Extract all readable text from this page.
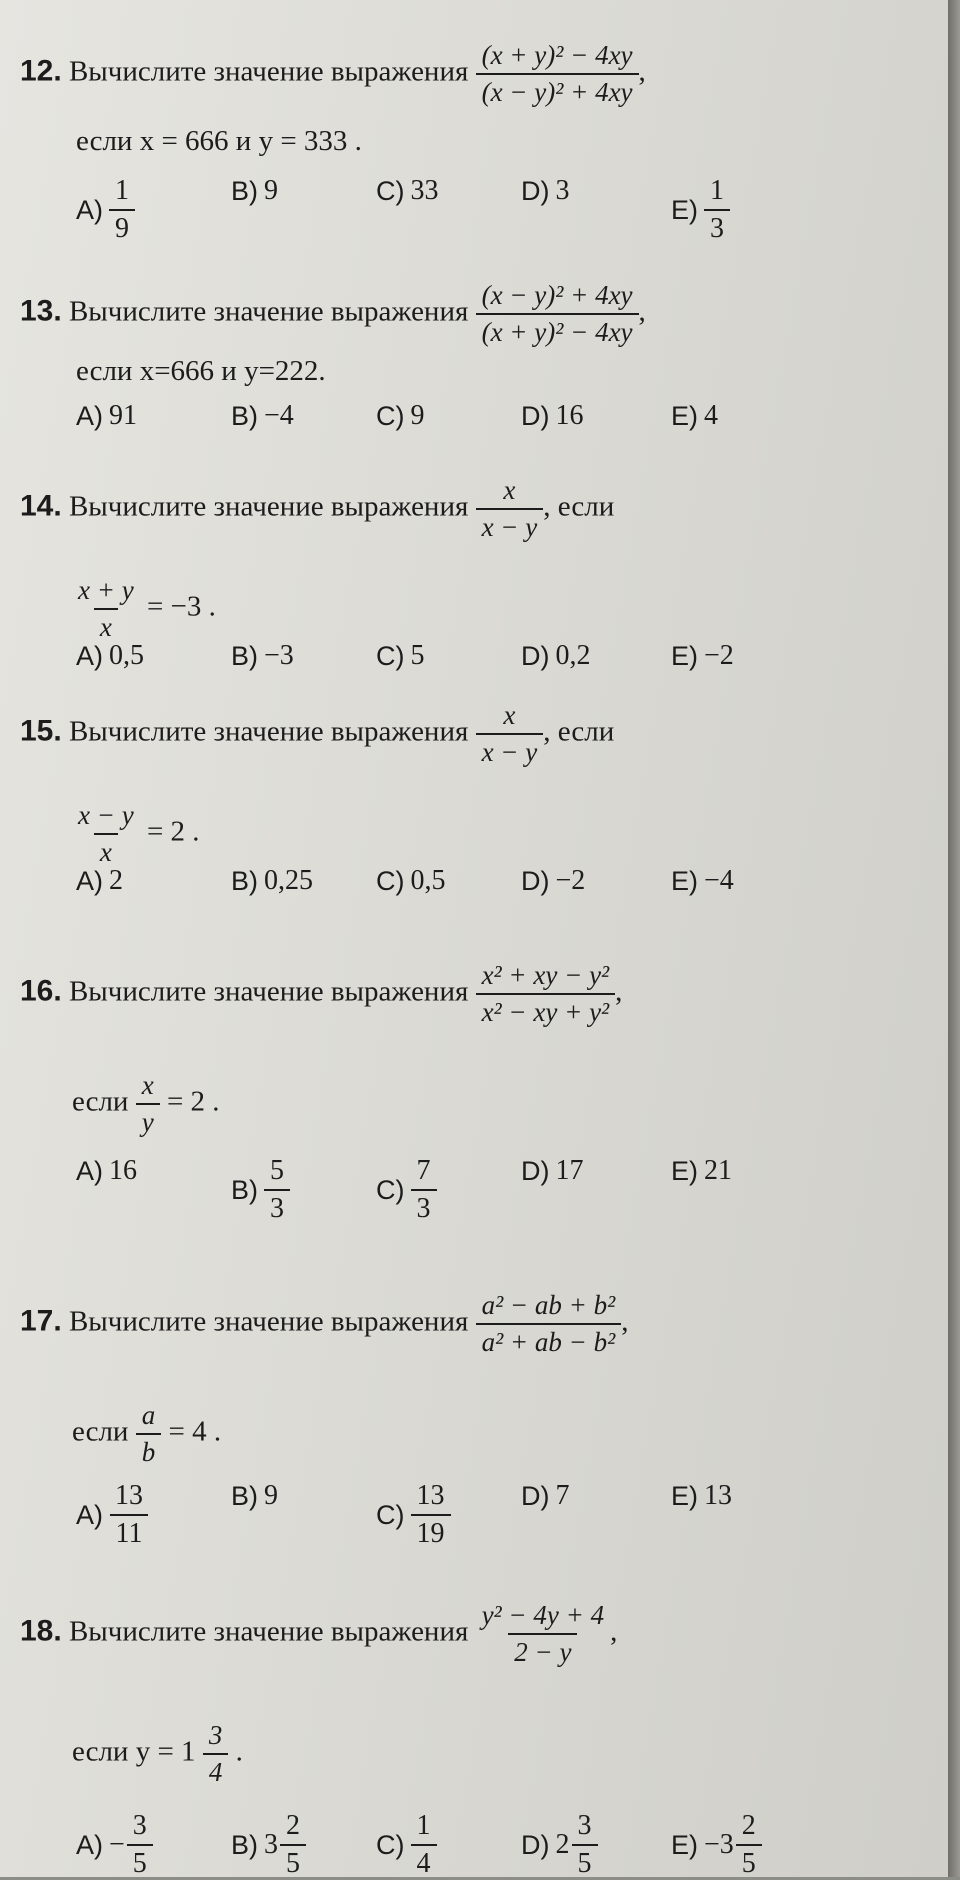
12. Вычислите значение выражения $\frac{\text{(x + y)² − 4xy}}{\text{(x − y)² + 4xy}}$ ,
если x = 666 и y = 333 .
$A) \frac{1}{9}$	B) 9	C) 33	D) 3
$E) \frac{1}{3}$
13. Вычислите значение выражения $\frac{\text{(x − y)² + 4xy}}{\text{(x + y)² − 4xy}}$ ,
если x=666 и y=222.
A) 91	B) −4	C) 9	D) 16	E) 4
14. Вычислите значение выражения $\frac{x}{x - y}$ , если
$\frac{x + y}{x} = -3$ .
A) 0,5	B) −3	C) 5	D) 0,2	E) −2
15. Вычислите значение выражения $\frac{x}{x - y}$ , если
$\frac{x - y}{x} = 2$ .
A) 2	B) 0,25 C) 0,5	D) −2	E) −4
16. Вычислите значение выражения $\frac{\text{x² + xy − y²}}{\text{x² − xy + y²}}$ ,
если $\frac{x}{y} = 2$ .
A) 16
$B) \frac{5}{3}$	$C) \frac{7}{3}$	D) 17	E) 21
17. Вычислите значение выражения $\frac{\text{a² − ab + b²}}{\text{a² + ab − b²}}$ ,
если $\frac{a}{b} = 4$ .
$A) \frac{13}{11}$	B) 9
$C) \frac{13}{19}$	D) 7	E) 13
18. Вычислите значение выражения $\frac{\text{y² − 4y + 4}}{2 - y}$ ,
если $y = 1 \frac{3}{4}$ .
$A) - \frac{3}{5}$	B) $3 \frac{2}{5}$	$C) \frac{1}{4}$	D) $2 \frac{3}{5}$	$E) -3 \frac{2}{5}$
